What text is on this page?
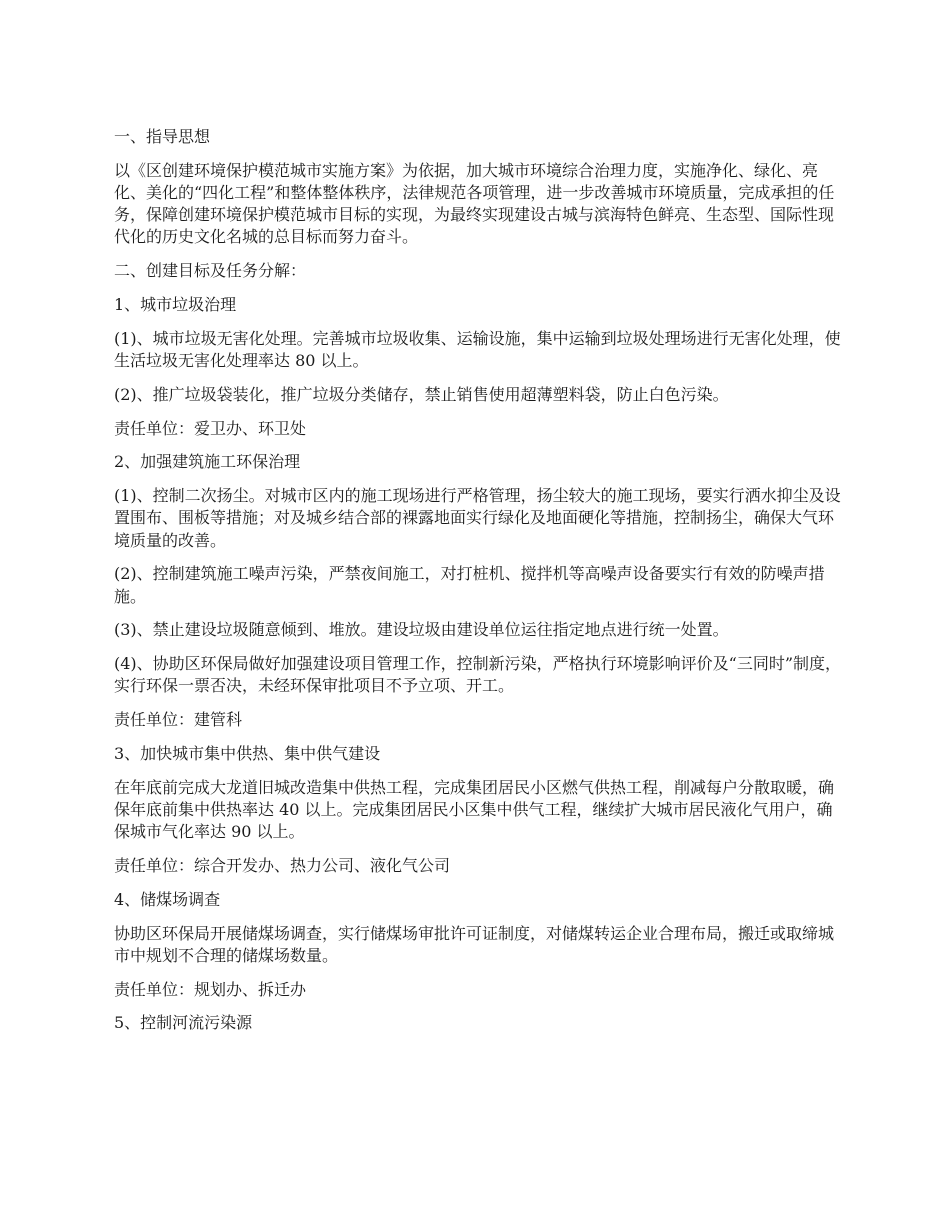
一、指导思想

以《区创建环境保护模范城市实施方案》为依据，加大城市环境综合治理力度，实施净化、绿化、亮化、美化的“四化工程”和整体整体秩序，法律规范各项管理，进一步改善城市环境质量，完成承担的任务，保障创建环境保护模范城市目标的实现，为最终实现建设古城与滨海特色鲜亮、生态型、国际性现代化的历史文化名城的总目标而努力奋斗。

二、创建目标及任务分解：

1、城市垃圾治理

(1)、城市垃圾无害化处理。完善城市垃圾收集、运输设施，集中运输到垃圾处理场进行无害化处理，使生活垃圾无害化处理率达 80 以上。

(2)、推广垃圾袋装化，推广垃圾分类储存，禁止销售使用超薄塑料袋，防止白色污染。

责任单位：爱卫办、环卫处

2、加强建筑施工环保治理

(1)、控制二次扬尘。对城市区内的施工现场进行严格管理，扬尘较大的施工现场，要实行洒水抑尘及设置围布、围板等措施；对及城乡结合部的裸露地面实行绿化及地面硬化等措施，控制扬尘，确保大气环境质量的改善。

(2)、控制建筑施工噪声污染，严禁夜间施工，对打桩机、搅拌机等高噪声设备要实行有效的防噪声措施。

(3)、禁止建设垃圾随意倾到、堆放。建设垃圾由建设单位运往指定地点进行统一处置。

(4)、协助区环保局做好加强建设项目管理工作，控制新污染，严格执行环境影响评价及“三同时”制度，实行环保一票否决，未经环保审批项目不予立项、开工。

责任单位：建管科

3、加快城市集中供热、集中供气建设

在年底前完成大龙道旧城改造集中供热工程，完成集团居民小区燃气供热工程，削减每户分散取暖，确保年底前集中供热率达 40 以上。完成集团居民小区集中供气工程，继续扩大城市居民液化气用户，确保城市气化率达 90 以上。

责任单位：综合开发办、热力公司、液化气公司

4、储煤场调查

协助区环保局开展储煤场调查，实行储煤场审批许可证制度，对储煤转运企业合理布局，搬迁或取缔城市中规划不合理的储煤场数量。

责任单位：规划办、拆迁办

5、控制河流污染源
